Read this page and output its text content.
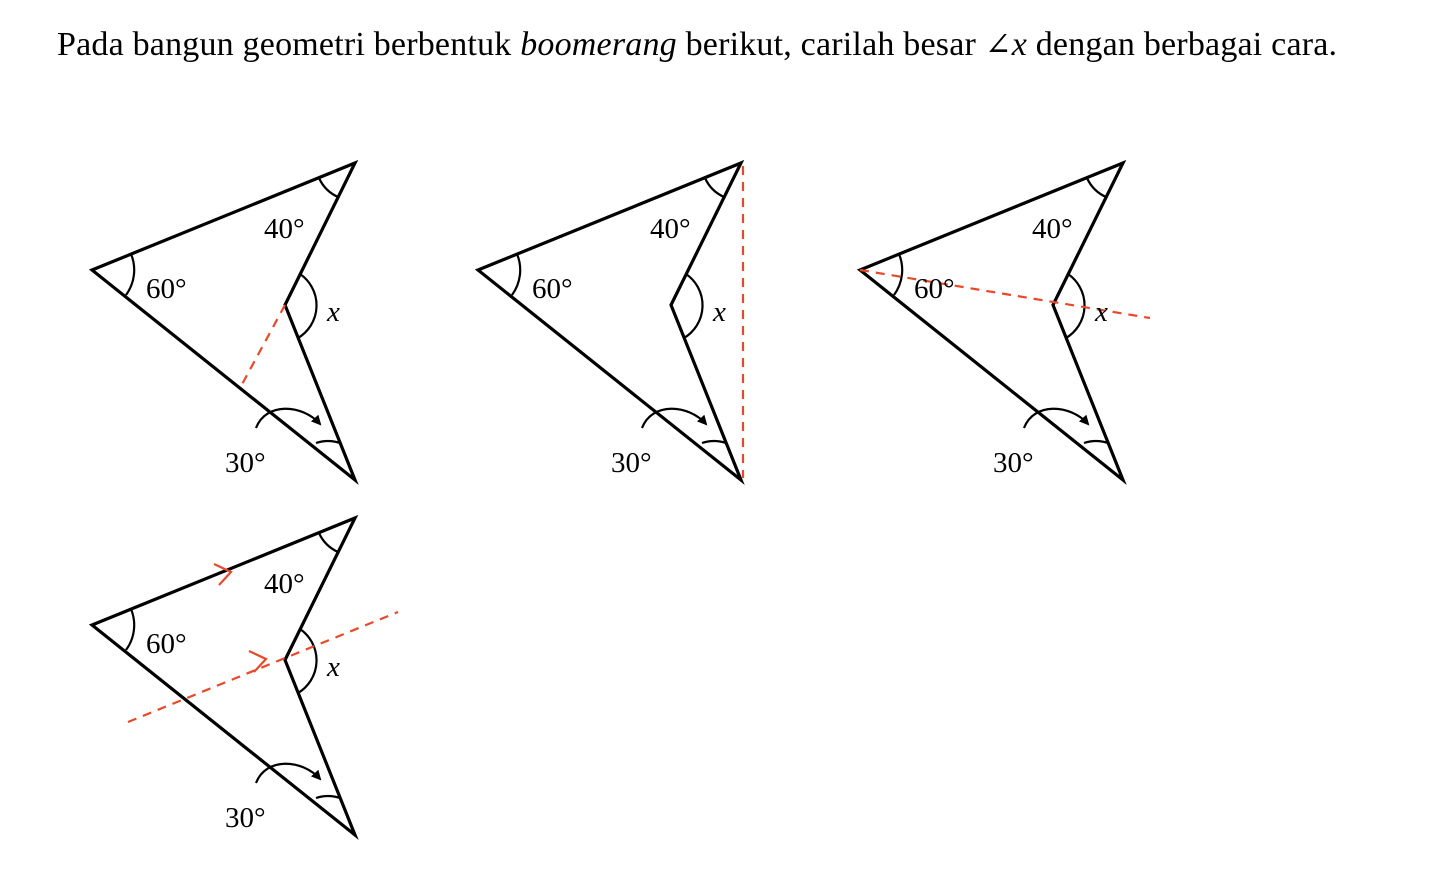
Pada bangun geometri berbentuk boomerang berikut, carilah besar ∠x dengan berbagai cara.
60°
40°
x
30°
60°
40°
x
30°
60°
40°
x
30°
60°
40°
x
30°
